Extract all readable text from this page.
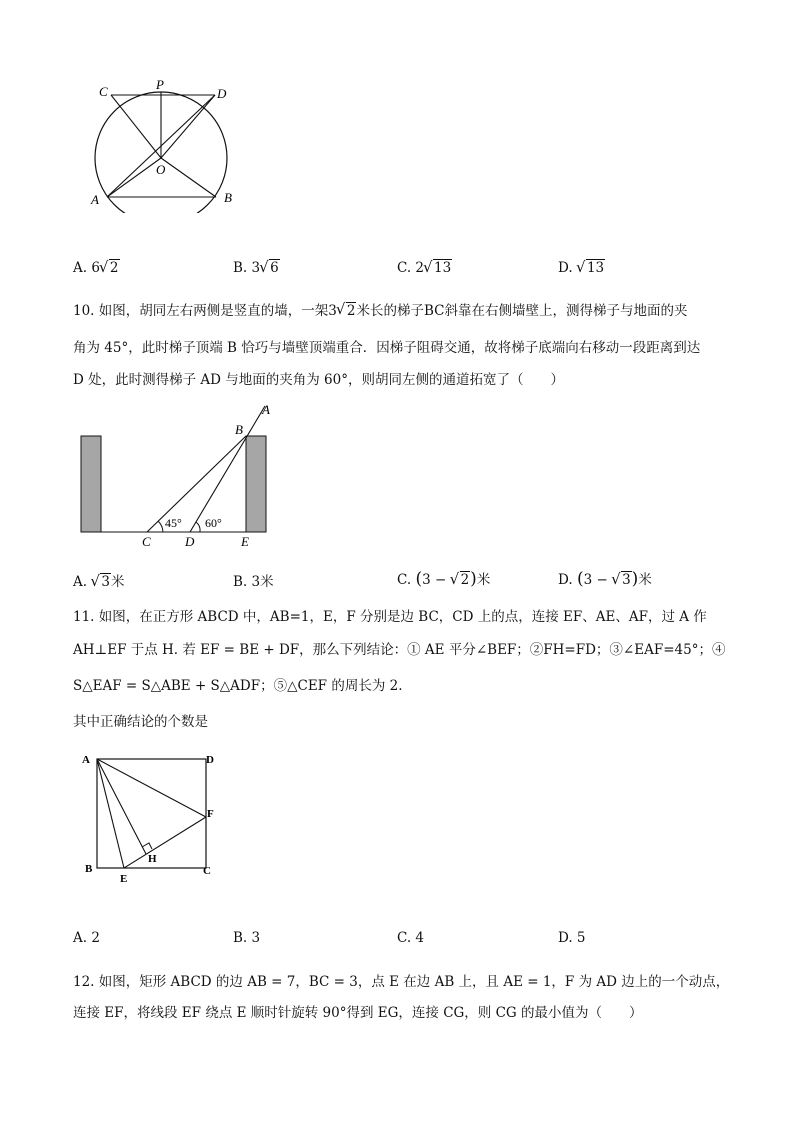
C	P
D
O
A	B
A. 6 √ 2	B. 3 √ 6	C. 2 √ 13	D. √ 13
10. 如图，胡同左右两侧是竖直的墙，一架3 √ 2米长的梯子BC斜靠在右侧墙壁上，测得梯子与地面的夹
角为 45°，此时梯子顶端 B 恰巧与墙壁顶端重合．因梯子阻碍交通，故将梯子底端向右移动一段距离到达
D 处，此时测得梯子 AD 与地面的夹角为 60°，则胡同左侧的通道拓宽了（　　）
A
B
C	D	E
45° 60°
A. √ 3米	B. 3米	C. (3 − √ 2)米	D. (3 − √ 3)米
11. 如图，在正方形 ABCD 中，AB=1，E，F 分别是边 BC，CD 上的点，连接 EF、AE、AF，过 A 作
AH⊥EF 于点 H. 若 EF = BE + DF，那么下列结论：① AE 平分∠BEF；②FH=FD；③∠EAF=45°；④
S△EAF = S△ABE + S△ADF；⑤△CEF 的周长为 2.
其中正确结论的个数是
A	D
B	C
E
F
H
A. 2	B. 3	C. 4	D. 5
12. 如图，矩形 ABCD 的边 AB = 7，BC = 3，点 E 在边 AB 上，且 AE = 1，F 为 AD 边上的一个动点，
连接 EF，将线段 EF 绕点 E 顺时针旋转 90°得到 EG，连接 CG，则 CG 的最小值为（　　）
